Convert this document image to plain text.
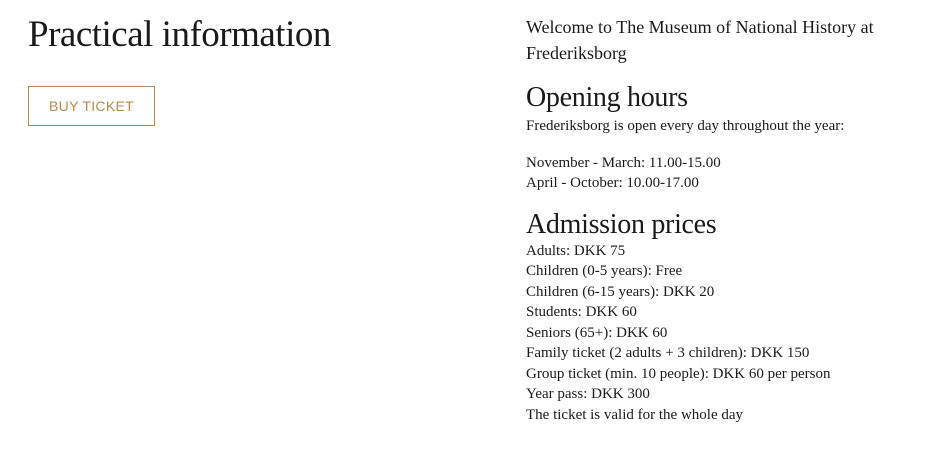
Practical information
BUY TICKET

Welcome to The Museum of National History at Frederiksborg

Opening hours

Frederiksborg is open every day throughout the year:

November - March: 11.00-15.00
April - October: 10.00-17.00
Admission prices
Adults: DKK 75
Children (0-5 years): Free
Children (6-15 years): DKK 20
Students: DKK 60
Seniors (65+): DKK 60
Family ticket (2 adults + 3 children): DKK 150
Group ticket (min. 10 people): DKK 60 per person
Year pass: DKK 300
The ticket is valid for the whole day
